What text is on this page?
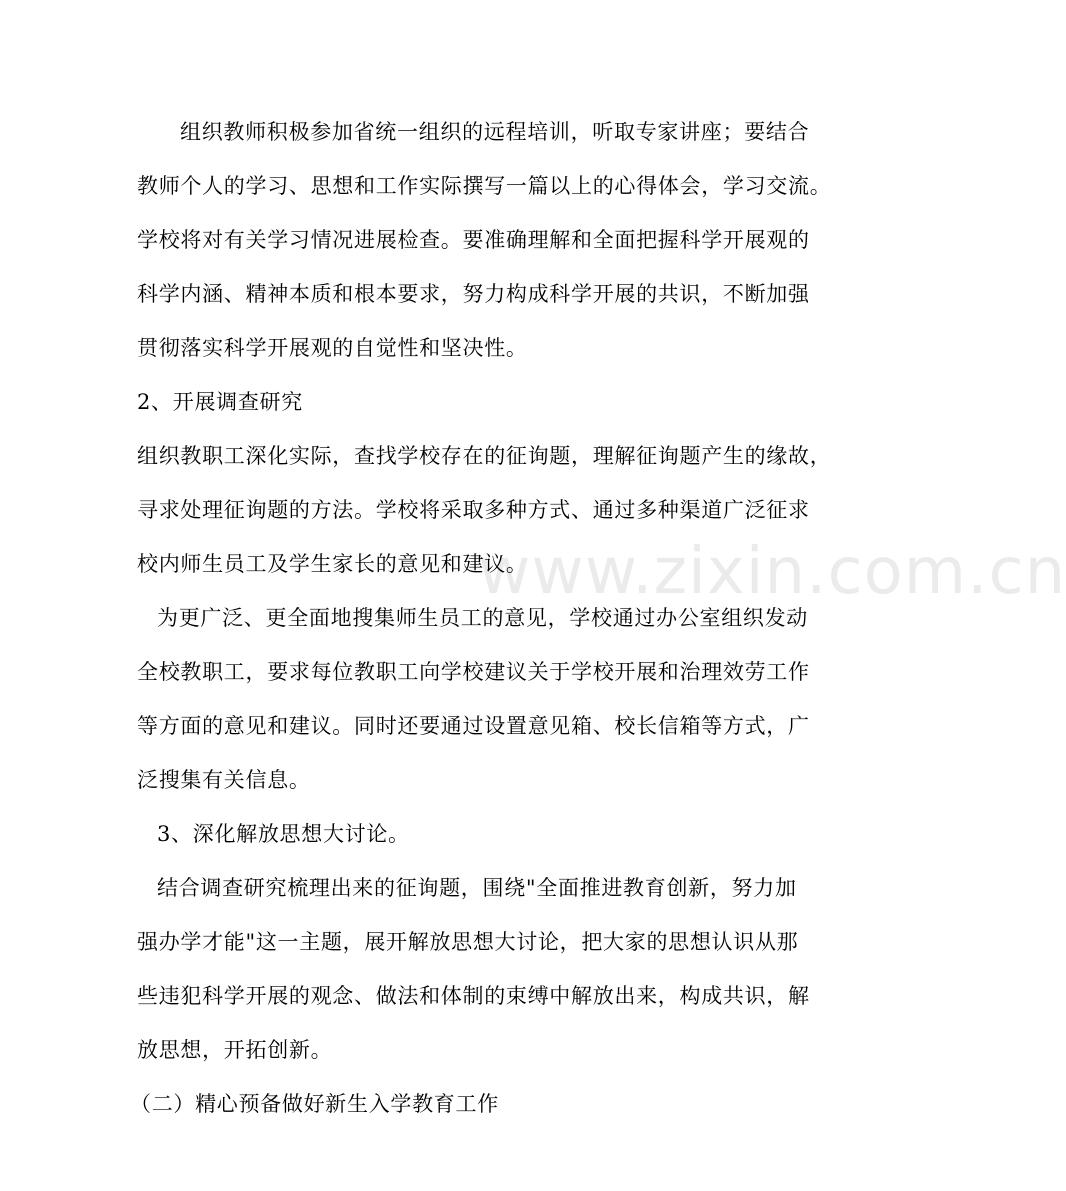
www.zixin.com.cn
组织教师积极参加省统一组织的远程培训，听取专家讲座；要结合
教师个人的学习、思想和工作实际撰写一篇以上的心得体会，学习交流。
学校将对有关学习情况进展检查。要准确理解和全面把握科学开展观的
科学内涵、精神本质和根本要求，努力构成科学开展的共识，不断加强
贯彻落实科学开展观的自觉性和坚决性。
2、开展调查研究
组织教职工深化实际，查找学校存在的征询题，理解征询题产生的缘故，
寻求处理征询题的方法。学校将采取多种方式、通过多种渠道广泛征求
校内师生员工及学生家长的意见和建议。
为更广泛、更全面地搜集师生员工的意见，学校通过办公室组织发动
全校教职工，要求每位教职工向学校建议关于学校开展和治理效劳工作
等方面的意见和建议。同时还要通过设置意见箱、校长信箱等方式，广
泛搜集有关信息。
3、深化解放思想大讨论。
结合调查研究梳理出来的征询题，围绕"全面推进教育创新，努力加
强办学才能"这一主题，展开解放思想大讨论，把大家的思想认识从那
些违犯科学开展的观念、做法和体制的束缚中解放出来，构成共识，解
放思想，开拓创新。
（二）精心预备做好新生入学教育工作
